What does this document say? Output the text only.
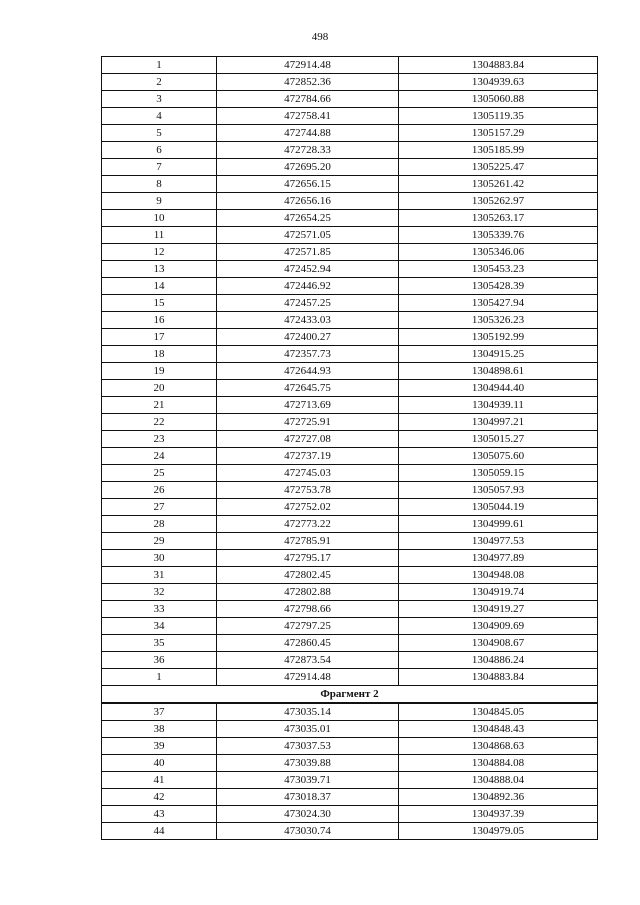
498
1	472914.48	1304883.84
2	472852.36	1304939.63
3	472784.66	1305060.88
4	472758.41	1305119.35
5	472744.88	1305157.29
6	472728.33	1305185.99
7	472695.20	1305225.47
8	472656.15	1305261.42
9	472656.16	1305262.97
10	472654.25	1305263.17
11	472571.05	1305339.76
12	472571.85	1305346.06
13	472452.94	1305453.23
14	472446.92	1305428.39
15	472457.25	1305427.94
16	472433.03	1305326.23
17	472400.27	1305192.99
18	472357.73	1304915.25
19	472644.93	1304898.61
20	472645.75	1304944.40
21	472713.69	1304939.11
22	472725.91	1304997.21
23	472727.08	1305015.27
24	472737.19	1305075.60
25	472745.03	1305059.15
26	472753.78	1305057.93
27	472752.02	1305044.19
28	472773.22	1304999.61
29	472785.91	1304977.53
30	472795.17	1304977.89
31	472802.45	1304948.08
32	472802.88	1304919.74
33	472798.66	1304919.27
34	472797.25	1304909.69
35	472860.45	1304908.67
36	472873.54	1304886.24
1	472914.48	1304883.84
Фрагмент 2		
37	473035.14	1304845.05
38	473035.01	1304848.43
39	473037.53	1304868.63
40	473039.88	1304884.08
41	473039.71	1304888.04
42	473018.37	1304892.36
43	473024.30	1304937.39
44	473030.74	1304979.05
